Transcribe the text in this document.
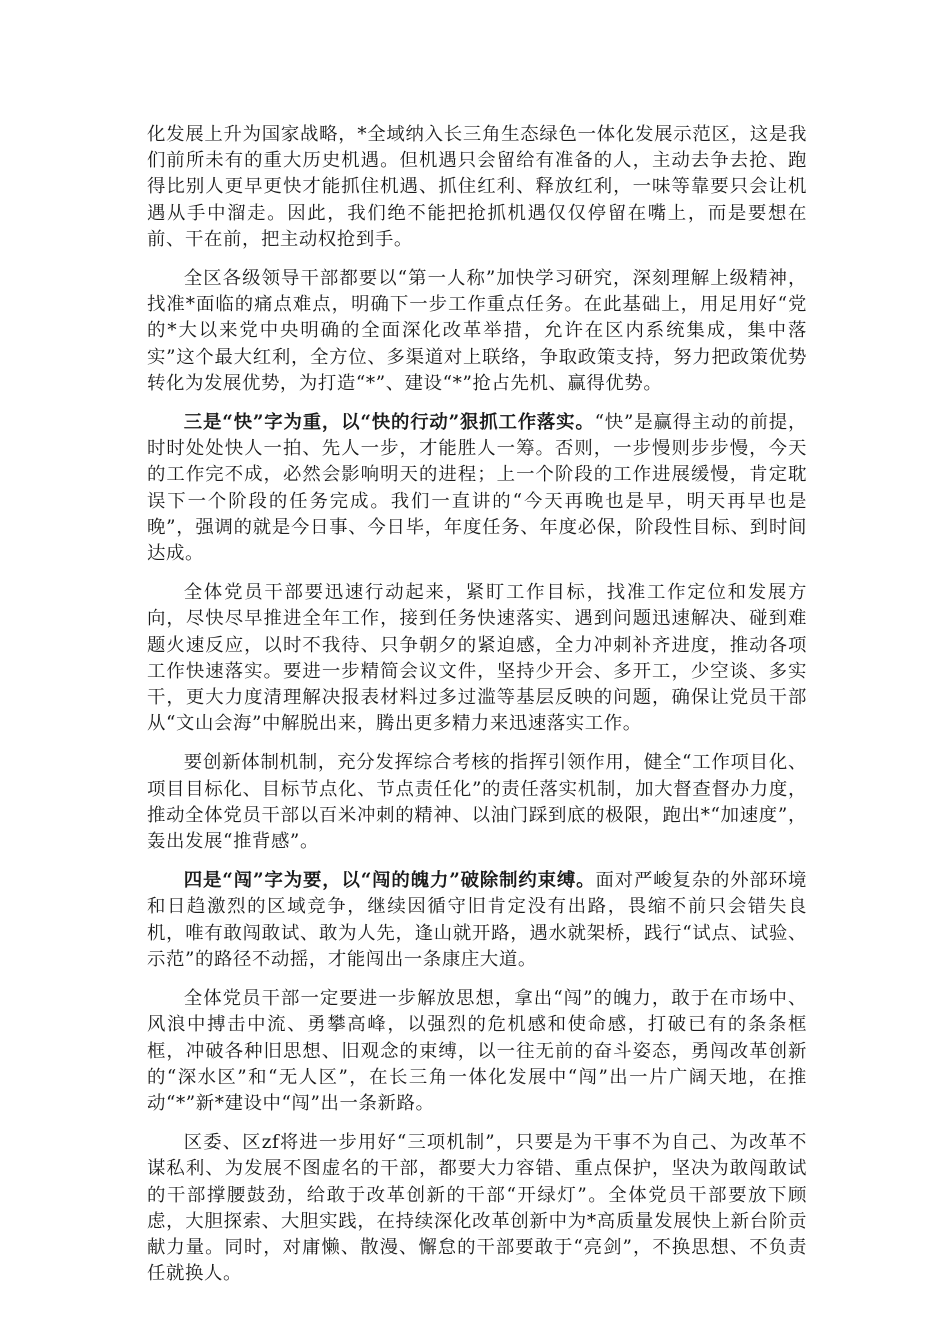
化发展上升为国家战略，*全域纳入长三角生态绿色一体化发展示范区，这是我们前所未有的重大历史机遇。但机遇只会留给有准备的人，主动去争去抢、跑得比别人更早更快才能抓住机遇、抓住红利、释放红利，一味等靠要只会让机遇从手中溜走。因此，我们绝不能把抢抓机遇仅仅停留在嘴上，而是要想在前、干在前，把主动权抢到手。

全区各级领导干部都要以“第一人称”加快学习研究，深刻理解上级精神，找准*面临的痛点难点，明确下一步工作重点任务。在此基础上，用足用好“党的*大以来党中央明确的全面深化改革举措，允许在区内系统集成，集中落实”这个最大红利，全方位、多渠道对上联络，争取政策支持，努力把政策优势转化为发展优势，为打造“*”、建设“*”抢占先机、赢得优势。

三是“快”字为重，以“快的行动”狠抓工作落实。“快”是赢得主动的前提，时时处处快人一拍、先人一步，才能胜人一筹。否则，一步慢则步步慢，今天的工作完不成，必然会影响明天的进程；上一个阶段的工作进展缓慢，肯定耽误下一个阶段的任务完成。我们一直讲的“今天再晚也是早，明天再早也是晚”，强调的就是今日事、今日毕，年度任务、年度必保，阶段性目标、到时间达成。

全体党员干部要迅速行动起来，紧盯工作目标，找准工作定位和发展方向，尽快尽早推进全年工作，接到任务快速落实、遇到问题迅速解决、碰到难题火速反应，以时不我待、只争朝夕的紧迫感，全力冲刺补齐进度，推动各项工作快速落实。要进一步精简会议文件，坚持少开会、多开工，少空谈、多实干，更大力度清理解决报表材料过多过滥等基层反映的问题，确保让党员干部从“文山会海”中解脱出来，腾出更多精力来迅速落实工作。

要创新体制机制，充分发挥综合考核的指挥引领作用，健全“工作项目化、项目目标化、目标节点化、节点责任化”的责任落实机制，加大督查督办力度，推动全体党员干部以百米冲刺的精神、以油门踩到底的极限，跑出*“加速度”，轰出发展“推背感”。

四是“闯”字为要，以“闯的魄力”破除制约束缚。面对严峻复杂的外部环境和日趋激烈的区域竞争，继续因循守旧肯定没有出路，畏缩不前只会错失良机，唯有敢闯敢试、敢为人先，逢山就开路，遇水就架桥，践行“试点、试验、示范”的路径不动摇，才能闯出一条康庄大道。

全体党员干部一定要进一步解放思想，拿出“闯”的魄力，敢于在市场中、风浪中搏击中流、勇攀高峰，以强烈的危机感和使命感，打破已有的条条框框，冲破各种旧思想、旧观念的束缚，以一往无前的奋斗姿态，勇闯改革创新的“深水区”和“无人区”，在长三角一体化发展中“闯”出一片广阔天地，在推动“*”新*建设中“闯”出一条新路。

区委、区zf将进一步用好“三项机制”，只要是为干事不为自己、为改革不谋私利、为发展不图虚名的干部，都要大力容错、重点保护，坚决为敢闯敢试的干部撑腰鼓劲，给敢于改革创新的干部“开绿灯”。全体党员干部要放下顾虑，大胆探索、大胆实践，在持续深化改革创新中为*高质量发展快上新台阶贡献力量。同时，对庸懒、散漫、懈怠的干部要敢于“亮剑”，不换思想、不负责任就换人。
